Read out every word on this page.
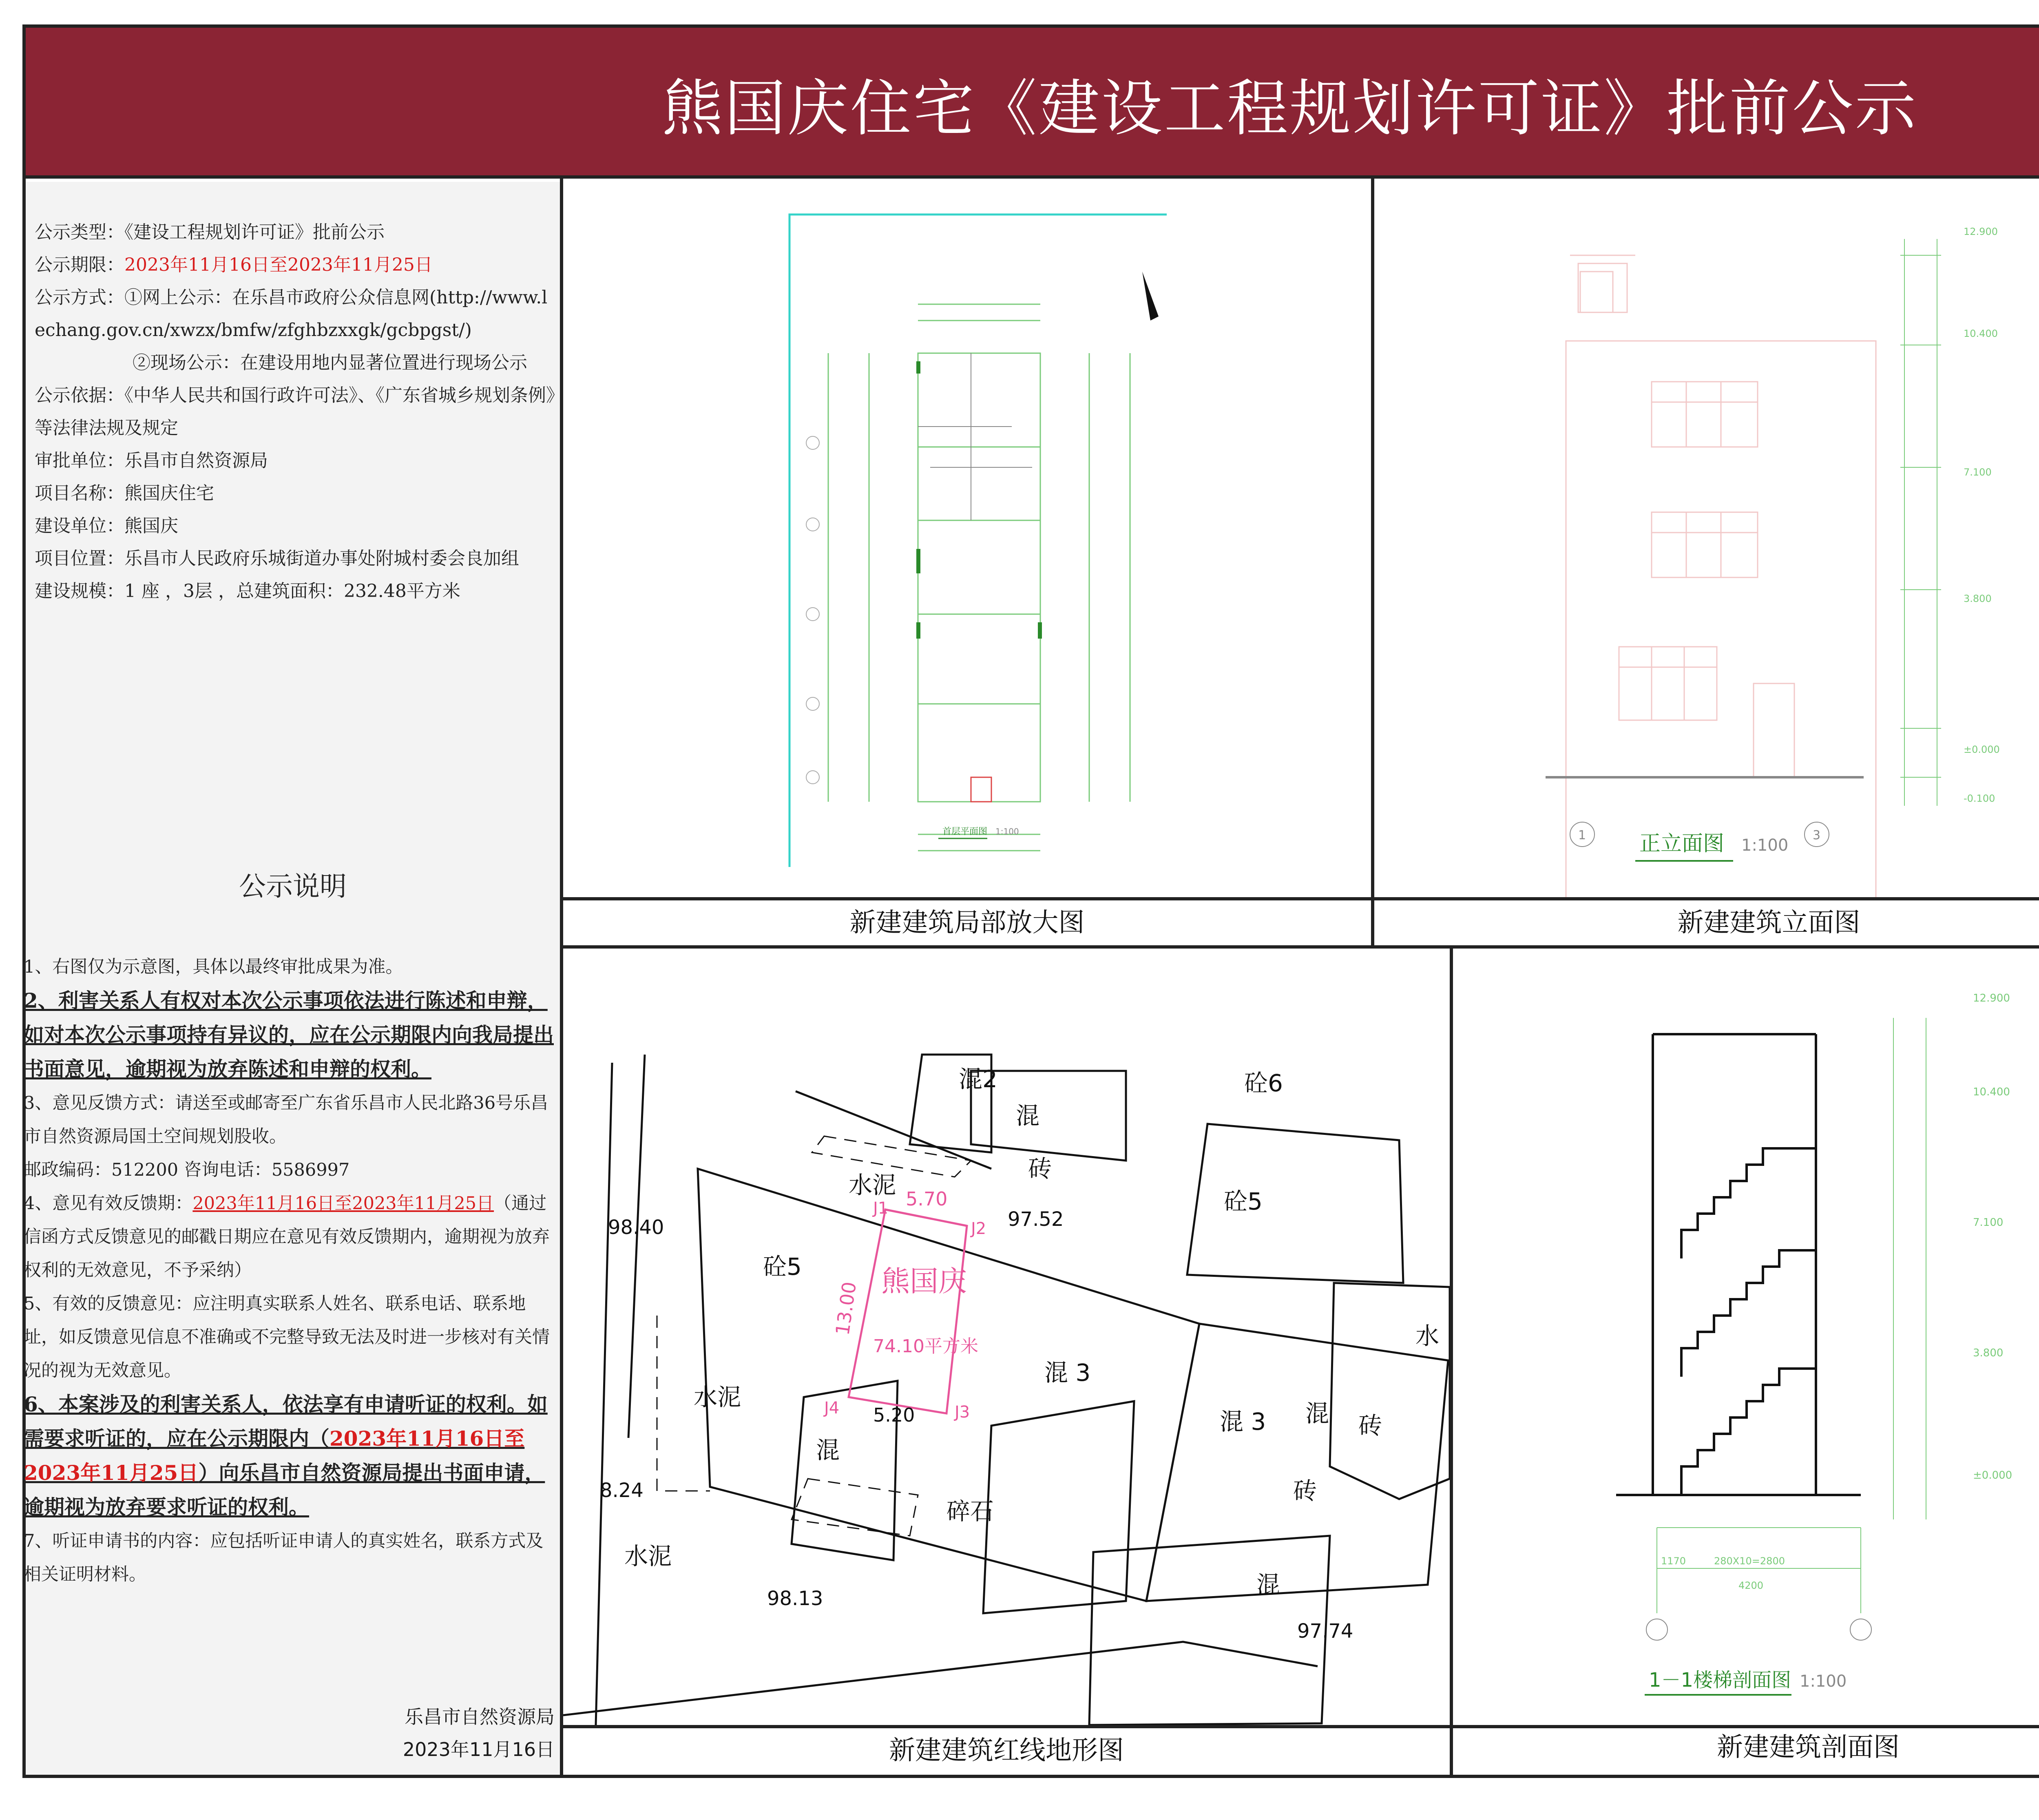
熊国庆住宅《建设工程规划许可证》批前公示
公示类型：《建设工程规划许可证》批前公示
公示期限：2023年11月16日至2023年11月25日
公示方式：①网上公示：在乐昌市政府公众信息网(http://www.lechang.gov.cn/xwzx/bmfw/zfghbzxxgk/gcbpgst/)
②现场公示：在建设用地内显著位置进行现场公示
公示依据：《中华人民共和国行政许可法》、《广东省城乡规划条例》等法律法规及规定
审批单位：乐昌市自然资源局
项目名称：熊国庆住宅
建设单位：熊国庆
项目位置：乐昌市人民政府乐城街道办事处附城村委会良加组
建设规模：1 座 ，3层 ，总建筑面积：232.48平方米
公示说明
1、右图仅为示意图，具体以最终审批成果为准。
2、利害关系人有权对本次公示事项依法进行陈述和申辩，如对本次公示事项持有异议的，应在公示期限内向我局提出书面意见，逾期视为放弃陈述和申辩的权利。
3、意见反馈方式：请送至或邮寄至广东省乐昌市人民北路36号乐昌市自然资源局国土空间规划股收。
邮政编码：512200 咨询电话：5586997
4、意见有效反馈期：2023年11月16日至2023年11月25日（通过信函方式反馈意见的邮戳日期应在意见有效反馈期内，逾期视为放弃权利的无效意见，不予采纳）
5、有效的反馈意见：应注明真实联系人姓名、联系电话、联系地址，如反馈意见信息不准确或不完整导致无法及时进一步核对有关情况的视为无效意见。
6、本案涉及的利害关系人，依法享有申请听证的权利。如需要求听证的，应在公示期限内（2023年11月16日至2023年11月25日）向乐昌市自然资源局提出书面申请，逾期视为放弃要求听证的权利。
7、听证申请书的内容：应包括听证申请人的真实姓名，联系方式及相关证明材料。
乐昌市自然资源局
2023年11月16日
首层平面图 1:100
12.900
10.400
7.100
3.800
±0.000
-0.100
1	3
正立面图 1:100
新建建筑局部放大图	新建建筑立面图
熊国庆
74.10平方米
5.70
13.00
5.20
J1
J2
J3
J4
混2	砼6
混
砖
砼5
水泥
砼5
水泥
混 3
混 3 混 砖
水
混
碎石
水泥
混
砖
98.40	97.52
8.24
98.13
97.74
12.900
10.400
7.100
3.800
±0.000
1170	280X10=2800
4200
1－1楼梯剖面图 1:100
新建建筑红线地形图	新建建筑剖面图
